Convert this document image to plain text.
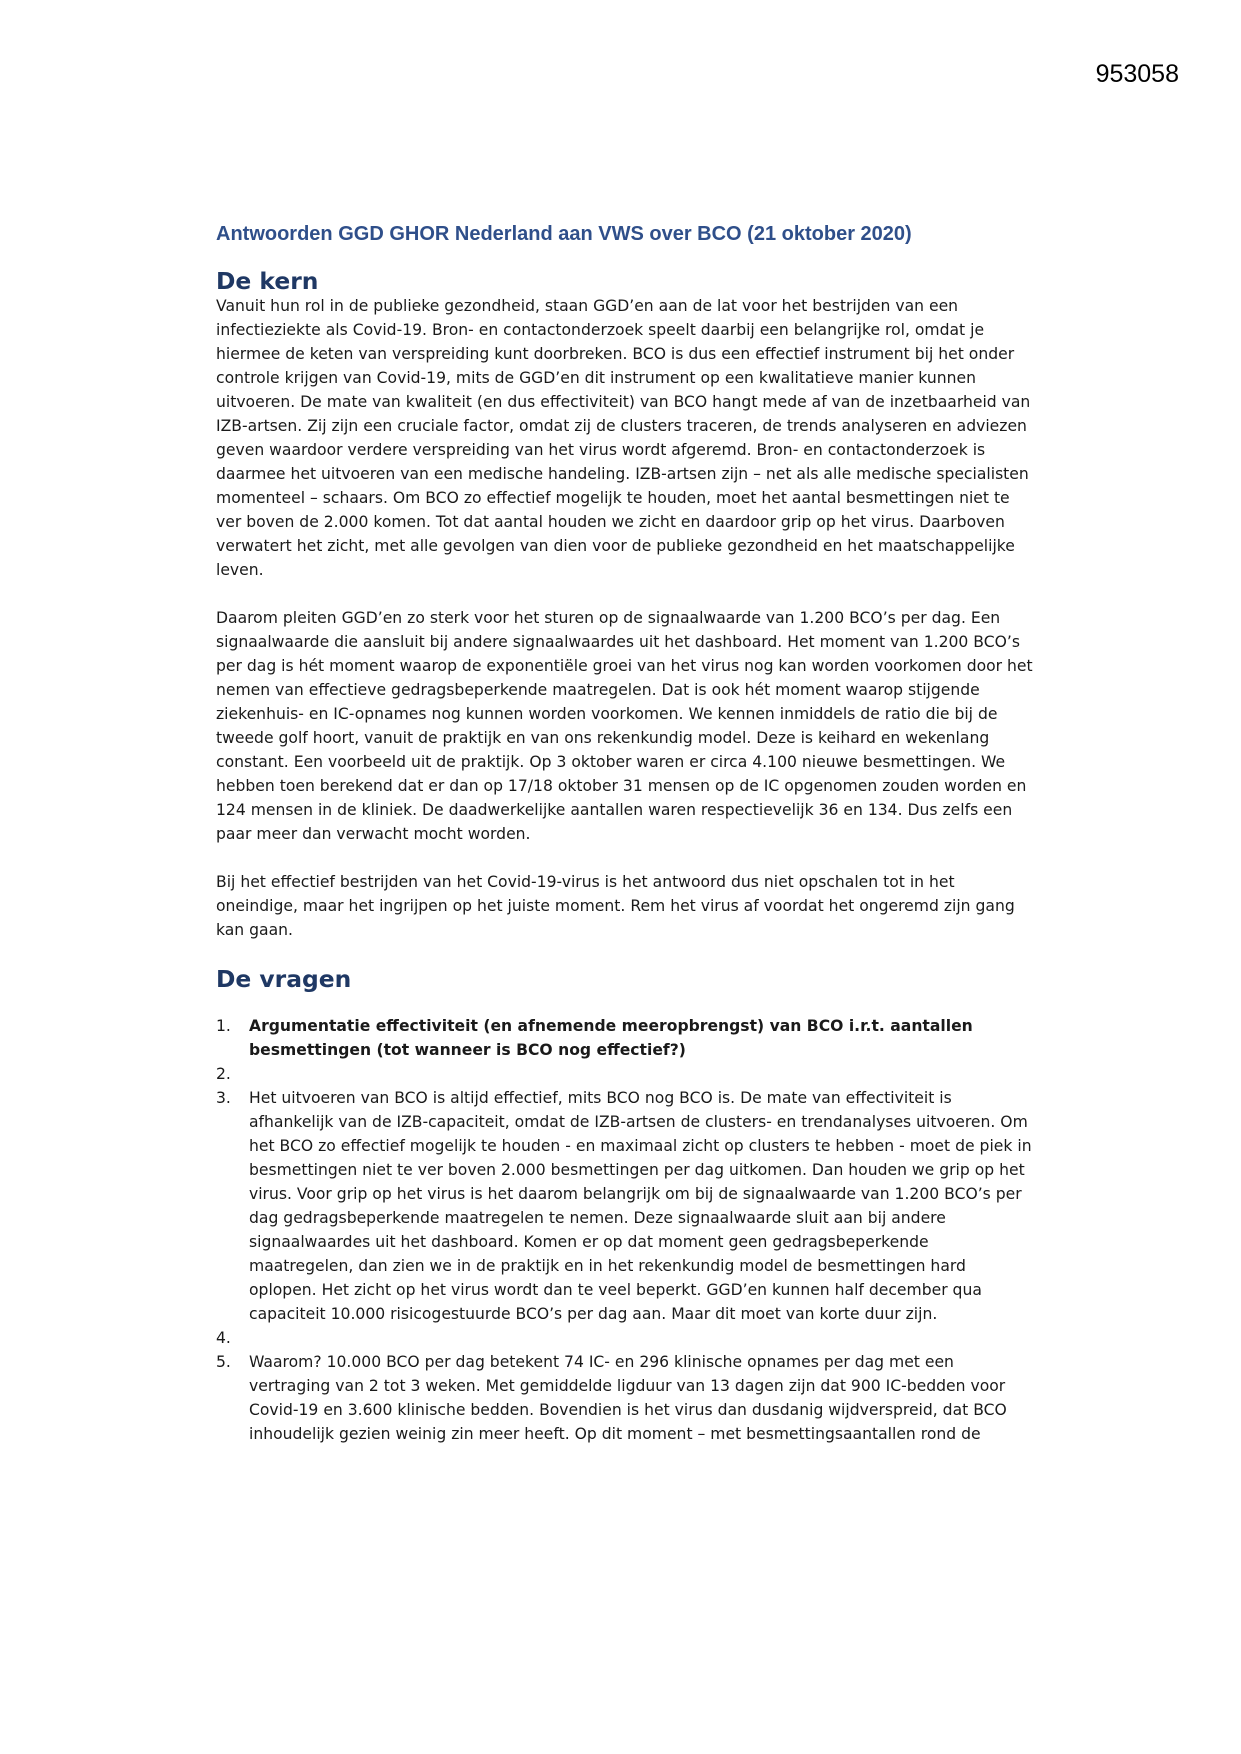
953058
Antwoorden GGD GHOR Nederland aan VWS over BCO (21 oktober 2020)
De kern

Vanuit hun rol in de publieke gezondheid, staan GGD’en aan de lat voor het bestrijden van een infectieziekte als Covid-19. Bron- en contactonderzoek speelt daarbij een belangrijke rol, omdat je hiermee de keten van verspreiding kunt doorbreken. BCO is dus een effectief instrument bij het onder controle krijgen van Covid-19, mits de GGD’en dit instrument op een kwalitatieve manier kunnen uitvoeren. De mate van kwaliteit (en dus effectiviteit) van BCO hangt mede af van de inzetbaarheid van IZB-artsen. Zij zijn een cruciale factor, omdat zij de clusters traceren, de trends analyseren en adviezen geven waardoor verdere verspreiding van het virus wordt afgeremd. Bron- en contactonderzoek is daarmee het uitvoeren van een medische handeling. IZB-artsen zijn – net als alle medische specialisten momenteel – schaars. Om BCO zo effectief mogelijk te houden, moet het aantal besmettingen niet te ver boven de 2.000 komen. Tot dat aantal houden we zicht en daardoor grip op het virus. Daarboven verwatert het zicht, met alle gevolgen van dien voor de publieke gezondheid en het maatschappelijke leven.

Daarom pleiten GGD’en zo sterk voor het sturen op de signaalwaarde van 1.200 BCO’s per dag. Een signaalwaarde die aansluit bij andere signaalwaardes uit het dashboard. Het moment van 1.200 BCO’s per dag is hét moment waarop de exponentiële groei van het virus nog kan worden voorkomen door het nemen van effectieve gedragsbeperkende maatregelen. Dat is ook hét moment waarop stijgende ziekenhuis- en IC-opnames nog kunnen worden voorkomen. We kennen inmiddels de ratio die bij de tweede golf hoort, vanuit de praktijk en van ons rekenkundig model. Deze is keihard en wekenlang constant. Een voorbeeld uit de praktijk. Op 3 oktober waren er circa 4.100 nieuwe besmettingen. We hebben toen berekend dat er dan op 17/18 oktober 31 mensen op de IC opgenomen zouden worden en 124 mensen in de kliniek. De daadwerkelijke aantallen waren respectievelijk 36 en 134. Dus zelfs een paar meer dan verwacht mocht worden.

Bij het effectief bestrijden van het Covid-19-virus is het antwoord dus niet opschalen tot in het oneindige, maar het ingrijpen op het juiste moment. Rem het virus af voordat het ongeremd zijn gang kan gaan.

De vragen
1. Argumentatie effectiviteit (en afnemende meeropbrengst) van BCO i.r.t. aantallen besmettingen (tot wanneer is BCO nog effectief?)
2.

3. Het uitvoeren van BCO is altijd effectief, mits BCO nog BCO is. De mate van effectiviteit is afhankelijk van de IZB-capaciteit, omdat de IZB-artsen de clusters- en trendanalyses uitvoeren. Om het BCO zo effectief mogelijk te houden - en maximaal zicht op clusters te hebben - moet de piek in besmettingen niet te ver boven 2.000 besmettingen per dag uitkomen. Dan houden we grip op het virus. Voor grip op het virus is het daarom belangrijk om bij de signaalwaarde van 1.200 BCO’s per dag gedragsbeperkende maatregelen te nemen. Deze signaalwaarde sluit aan bij andere signaalwaardes uit het dashboard. Komen er op dat moment geen gedragsbeperkende maatregelen, dan zien we in de praktijk en in het rekenkundig model de besmettingen hard oplopen. Het zicht op het virus wordt dan te veel beperkt. GGD’en kunnen half december qua capaciteit 10.000 risicogestuurde BCO’s per dag aan. Maar dit moet van korte duur zijn.
4.

5. Waarom? 10.000 BCO per dag betekent 74 IC- en 296 klinische opnames per dag met een vertraging van 2 tot 3 weken. Met gemiddelde ligduur van 13 dagen zijn dat 900 IC-bedden voor Covid-19 en 3.600 klinische bedden. Bovendien is het virus dan dusdanig wijdverspreid, dat BCO inhoudelijk gezien weinig zin meer heeft. Op dit moment – met besmettingsaantallen rond de
